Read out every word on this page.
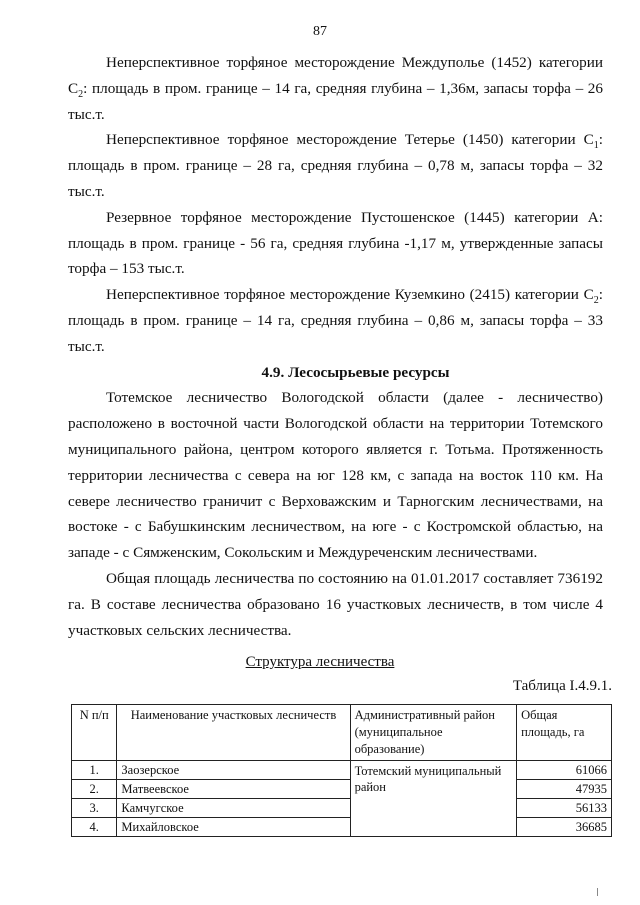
87

Неперспективное торфяное месторождение Междуполье (1452) категории $С_2$: площадь в пром. границе – 14 га, средняя глубина – 1,36м, запасы торфа – 26 тыс.т.

Неперспективное торфяное месторождение Тетерье (1450) категории $С_1$: площадь в пром. границе – 28 га, средняя глубина – 0,78 м, запасы торфа – 32 тыс.т.

Резервное торфяное месторождение Пустошенское (1445) категории А: площадь в пром. границе - 56 га, средняя глубина -1,17 м, утвержденные запасы торфа – 153 тыс.т.

Неперспективное торфяное месторождение Куземкино (2415) категории $С_2$: площадь в пром. границе – 14 га, средняя глубина – 0,86 м, запасы торфа – 33 тыс.т.

4.9. Лесосырьевые ресурсы

Тотемское лесничество Вологодской области (далее - лесничество) расположено в восточной части Вологодской области на территории Тотемского муниципального района, центром которого является г. Тотьма. Протяженность территории лесничества с севера на юг 128 км, с запада на восток 110 км. На севере лесничество граничит с Верховажским и Тарногским лесничествами, на востоке - с Бабушкинским лесничеством, на юге - с Костромской областью, на западе - с Сямженским, Сокольским и Междуреченским лесничествами.

Общая площадь лесничества по состоянию на 01.01.2017 составляет 736192 га. В составе лесничества образовано 16 участковых лесничеств, в том числе 4 участковых сельских лесничества.

Структура лесничества
Таблица I.4.9.1.
N п/п	Наименование участковых лесничеств	Административный район (муниципальное образование)	Общая площадь, га
1.	Заозерское	Тотемский муниципальный район	61066
2.	Матвеевское		47935
3.	Камчугское		56133
4.	Михайловское		36685
